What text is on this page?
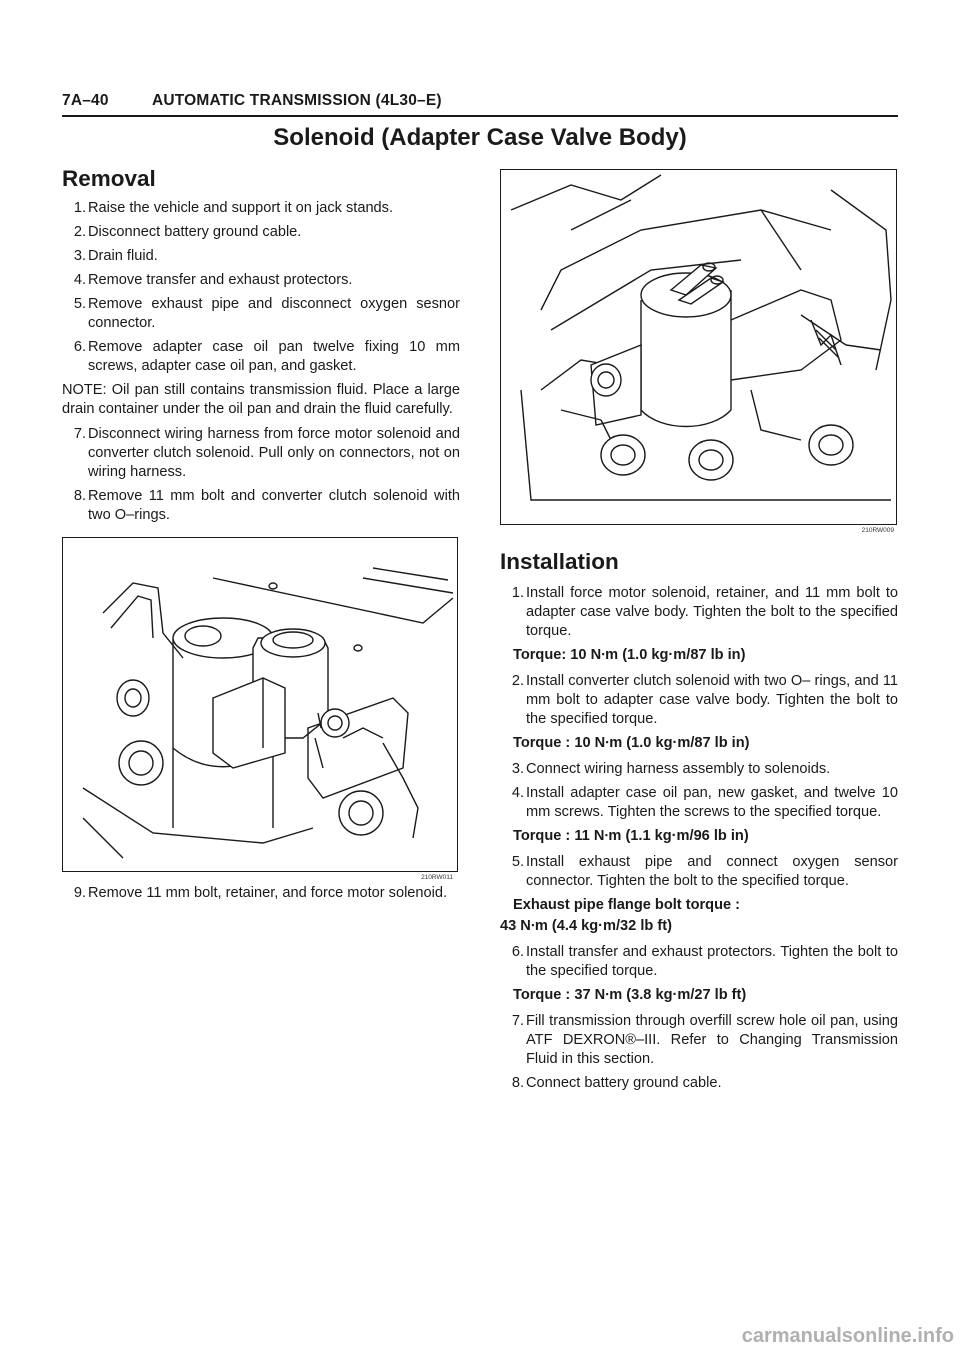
7A–40	AUTOMATIC TRANSMISSION (4L30–E)
Solenoid (Adapter Case Valve Body)
Removal
1. Raise the vehicle and support it on jack stands.
2. Disconnect battery ground cable.
3. Drain fluid.
4. Remove transfer and exhaust protectors.
5. Remove exhaust pipe and disconnect oxygen sesnor connector.
6. Remove adapter case oil pan twelve fixing 10 mm screws, adapter case oil pan, and gasket.
NOTE: Oil pan still contains transmission fluid. Place a large drain container under the oil pan and drain the fluid carefully.
7. Disconnect wiring harness from force motor solenoid and converter clutch solenoid. Pull only on connectors, not on wiring harness.
8. Remove 11 mm bolt and converter clutch solenoid with two O–rings.
210RW011
9. Remove 11 mm bolt, retainer, and force motor solenoid.
210RW009
Installation
1. Install force motor solenoid, retainer, and 11 mm bolt to adapter case valve body. Tighten the bolt to the specified torque.
Torque: 10 N∙m (1.0 kg·m/87 lb in)
2. Install converter clutch solenoid with two O– rings, and 11 mm bolt to adapter case valve body. Tighten the bolt to the specified torque.
Torque : 10 N∙m (1.0 kg·m/87 lb in)
3. Connect wiring harness assembly to solenoids.
4. Install adapter case oil pan, new gasket, and twelve 10 mm screws. Tighten the screws to the specified torque.
Torque : 11 N∙m (1.1 kg·m/96 lb in)
5. Install exhaust pipe and connect oxygen sensor connector. Tighten the bolt to the specified torque.
Exhaust pipe flange bolt torque :
43 N∙m (4.4 kg·m/32 lb ft)
6. Install transfer and exhaust protectors. Tighten the bolt to the specified torque.
Torque : 37 N∙m (3.8 kg·m/27 lb ft)
7. Fill transmission through overfill screw hole oil pan, using ATF DEXRON®–III. Refer to Changing Transmission Fluid in this section.
8. Connect battery ground cable.
carmanualsonline.info
